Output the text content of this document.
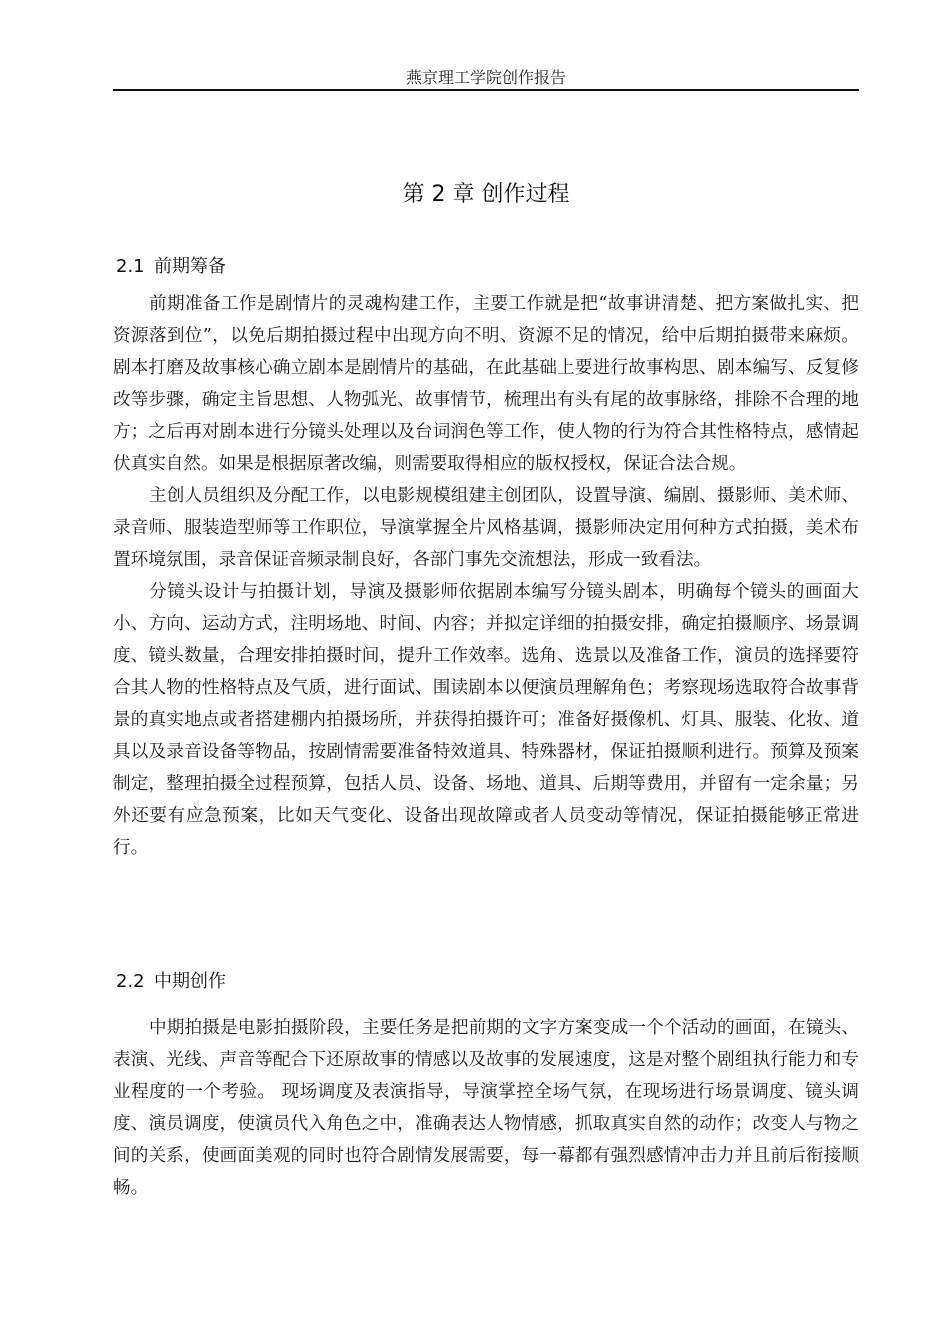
燕京理工学院创作报告
第 2 章 创作过程
2.1 前期筹备

前期准备工作是剧情片的灵魂构建工作，主要工作就是把“故事讲清楚、把方案做扎实、把资源落到位”，以免后期拍摄过程中出现方向不明、资源不足的情况，给中后期拍摄带来麻烦。剧本打磨及故事核心确立剧本是剧情片的基础，在此基础上要进行故事构思、剧本编写、反复修改等步骤，确定主旨思想、人物弧光、故事情节，梳理出有头有尾的故事脉络，排除不合理的地方；之后再对剧本进行分镜头处理以及台词润色等工作，使人物的行为符合其性格特点，感情起伏真实自然。如果是根据原著改编，则需要取得相应的版权授权，保证合法合规。

主创人员组织及分配工作，以电影规模组建主创团队，设置导演、编剧、摄影师、美术师、录音师、服装造型师等工作职位，导演掌握全片风格基调，摄影师决定用何种方式拍摄，美术布置环境氛围，录音保证音频录制良好，各部门事先交流想法，形成一致看法。

分镜头设计与拍摄计划，导演及摄影师依据剧本编写分镜头剧本，明确每个镜头的画面大小、方向、运动方式，注明场地、时间、内容；并拟定详细的拍摄安排，确定拍摄顺序、场景调度、镜头数量，合理安排拍摄时间，提升工作效率。选角、选景以及准备工作，演员的选择要符合其人物的性格特点及气质，进行面试、围读剧本以便演员理解角色；考察现场选取符合故事背景的真实地点或者搭建棚内拍摄场所，并获得拍摄许可；准备好摄像机、灯具、服装、化妆、道具以及录音设备等物品，按剧情需要准备特效道具、特殊器材，保证拍摄顺利进行。预算及预案制定，整理拍摄全过程预算，包括人员、设备、场地、道具、后期等费用，并留有一定余量；另外还要有应急预案，比如天气变化、设备出现故障或者人员变动等情况，保证拍摄能够正常进行。

2.2 中期创作

中期拍摄是电影拍摄阶段，主要任务是把前期的文字方案变成一个个活动的画面，在镜头、表演、光线、声音等配合下还原故事的情感以及故事的发展速度，这是对整个剧组执行能力和专业程度的一个考验。 现场调度及表演指导，导演掌控全场气氛，在现场进行场景调度、镜头调度、演员调度，使演员代入角色之中，准确表达人物情感，抓取真实自然的动作；改变人与物之间的关系，使画面美观的同时也符合剧情发展需要，每一幕都有强烈感情冲击力并且前后衔接顺畅。
